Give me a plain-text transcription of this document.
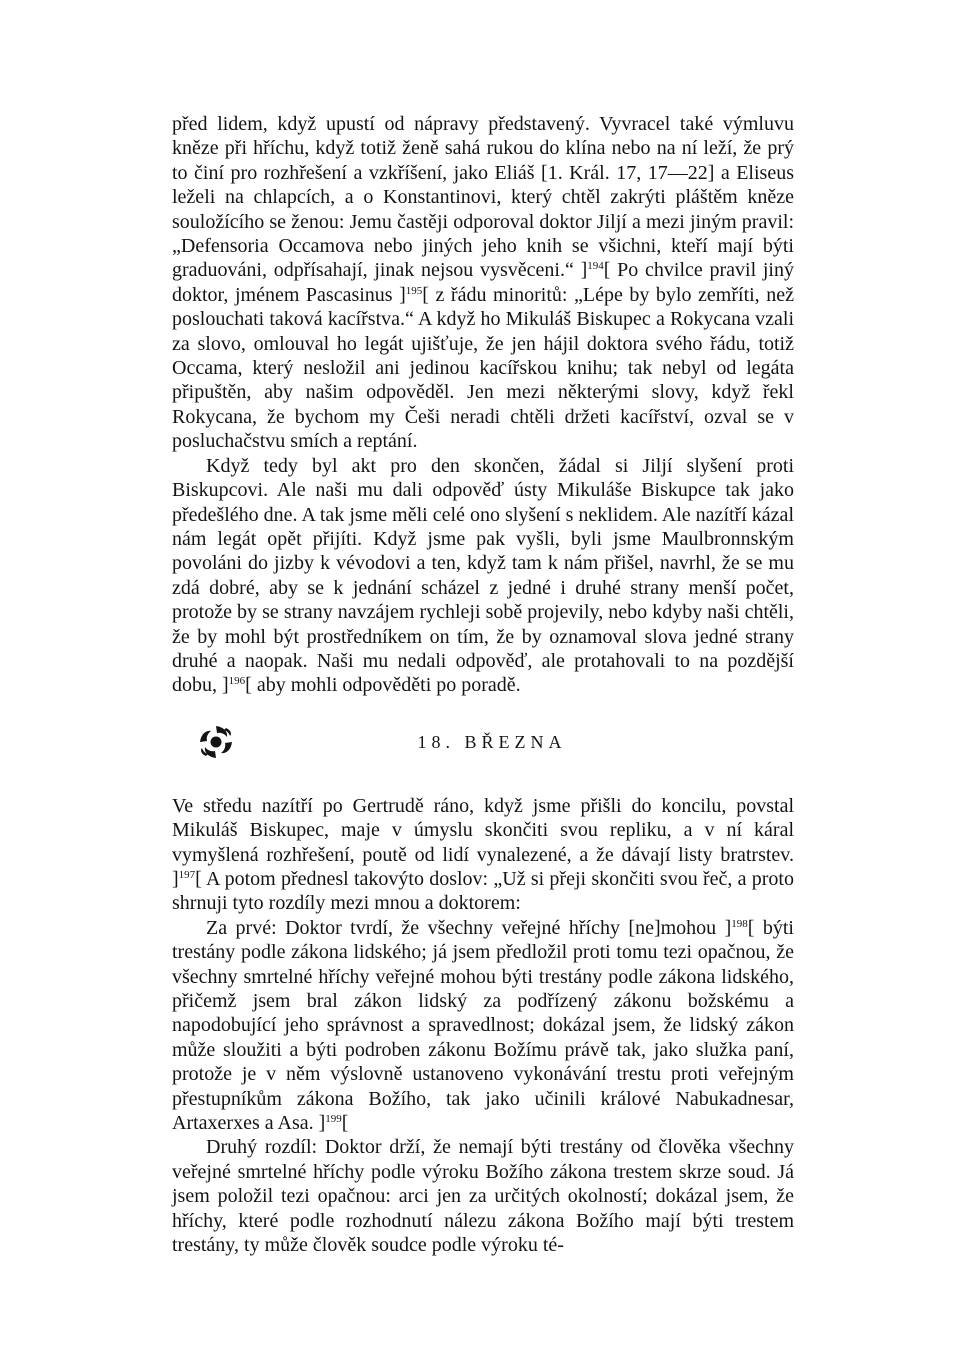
před lidem, když upustí od nápravy představený. Vyvracel také výmluvu kněze při hříchu, když totiž ženě sahá rukou do klína nebo na ní leží, že prý to činí pro rozhřešení a vzkříšení, jako Eliáš [1. Král. 17, 17—22] a Eliseus leželi na chlapcích, a o Konstantinovi, který chtěl zakrýti pláštěm kněze souložícího se ženou: Jemu častěji odporoval doktor Jiljí a mezi jiným pravil: „Defensoria Occamova nebo jiných jeho knih se všichni, kteří mají býti graduováni, odpřísahají, jinak nejsou vysvěceni.“ ]$^{194}$[ Po chvilce pravil jiný doktor, jménem Pascasinus ]$^{195}$[ z řádu minoritů: „Lépe by bylo zemříti, než poslouchati taková kacířstva.“ A když ho Mikuláš Biskupec a Rokycana vzali za slovo, omlouval ho legát ujišťuje, že jen hájil doktora svého řádu, totiž Occama, který nesložil ani jedinou kacířskou knihu; tak nebyl od legáta připuštěn, aby našim odpověděl. Jen mezi některými slovy, když řekl Rokycana, že bychom my Češi neradi chtěli držeti kacířství, ozval se v posluchačstvu smích a reptání.

Když tedy byl akt pro den skončen, žádal si Jiljí slyšení proti Biskupcovi. Ale naši mu dali odpověď ústy Mikuláše Biskupce tak jako předešlého dne. A tak jsme měli celé ono slyšení s neklidem. Ale nazítří kázal nám legát opět přijíti. Když jsme pak vyšli, byli jsme Maulbronnským povoláni do jizby k vévodovi a ten, když tam k nám přišel, navrhl, že se mu zdá dobré, aby se k jednání scházel z jedné i druhé strany menší počet, protože by se strany navzájem rychleji sobě projevily, nebo kdyby naši chtěli, že by mohl být prostředníkem on tím, že by oznamoval slova jedné strany druhé a naopak. Naši mu nedali odpověď, ale protahovali to na pozdější dobu, ]$^{196}$[ aby mohli odpověděti po poradě.

18. BŘEZNA

Ve středu nazítří po Gertrudě ráno, když jsme přišli do koncilu, povstal Mikuláš Biskupec, maje v úmyslu skončiti svou repliku, a v ní káral vymyšlená rozhřešení, poutě od lidí vynalezené, a že dávají listy bratrstev. ]$^{197}$[ A potom přednesl takovýto doslov: „Už si přeji skončiti svou řeč, a proto shrnuji tyto rozdíly mezi mnou a doktorem:

Za prvé: Doktor tvrdí, že všechny veřejné hříchy [ne]mohou ]$^{198}$[ býti trestány podle zákona lidského; já jsem předložil proti tomu tezi opačnou, že všechny smrtelné hříchy veřejné mohou býti trestány podle zákona lidského, přičemž jsem bral zákon lidský za podřízený zákonu božskému a napodobující jeho správnost a spravedlnost; dokázal jsem, že lidský zákon může sloužiti a býti podroben zákonu Božímu právě tak, jako služka paní, protože je v něm výslovně ustanoveno vykonávání trestu proti veřejným přestupníkům zákona Božího, tak jako učinili králové Nabukadnesar, Artaxerxes a Asa. ]$^{199}$[

Druhý rozdíl: Doktor drží, že nemají býti trestány od člověka všechny veřejné smrtelné hříchy podle výroku Božího zákona trestem skrze soud. Já jsem položil tezi opačnou: arci jen za určitých okolností; dokázal jsem, že hříchy, které podle rozhodnutí nálezu zákona Božího mají býti trestem trestány, ty může člověk soudce podle výroku té-
